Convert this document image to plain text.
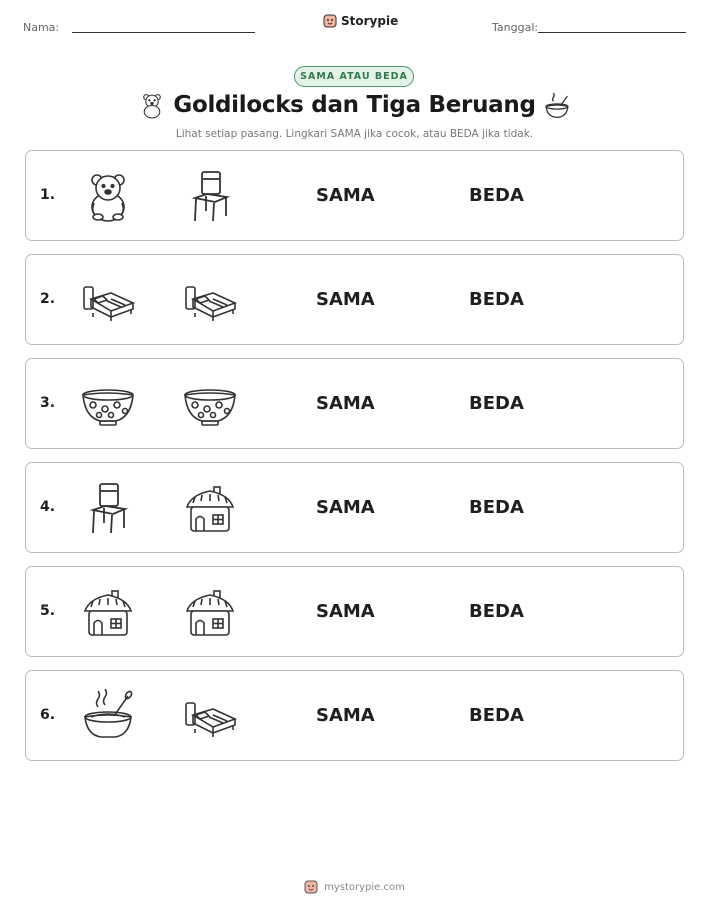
Nama:	Storypie	Tanggal:
SAMA ATAU BEDA
Goldilocks dan Tiga Beruang
Lihat setiap pasang. Lingkari SAMA jika cocok, atau BEDA jika tidak.
1.	SAMA	BEDA
2.	SAMA	BEDA
3.	SAMA	BEDA
4.	SAMA	BEDA
5.	SAMA	BEDA
6.	SAMA	BEDA
mystorypie.com
